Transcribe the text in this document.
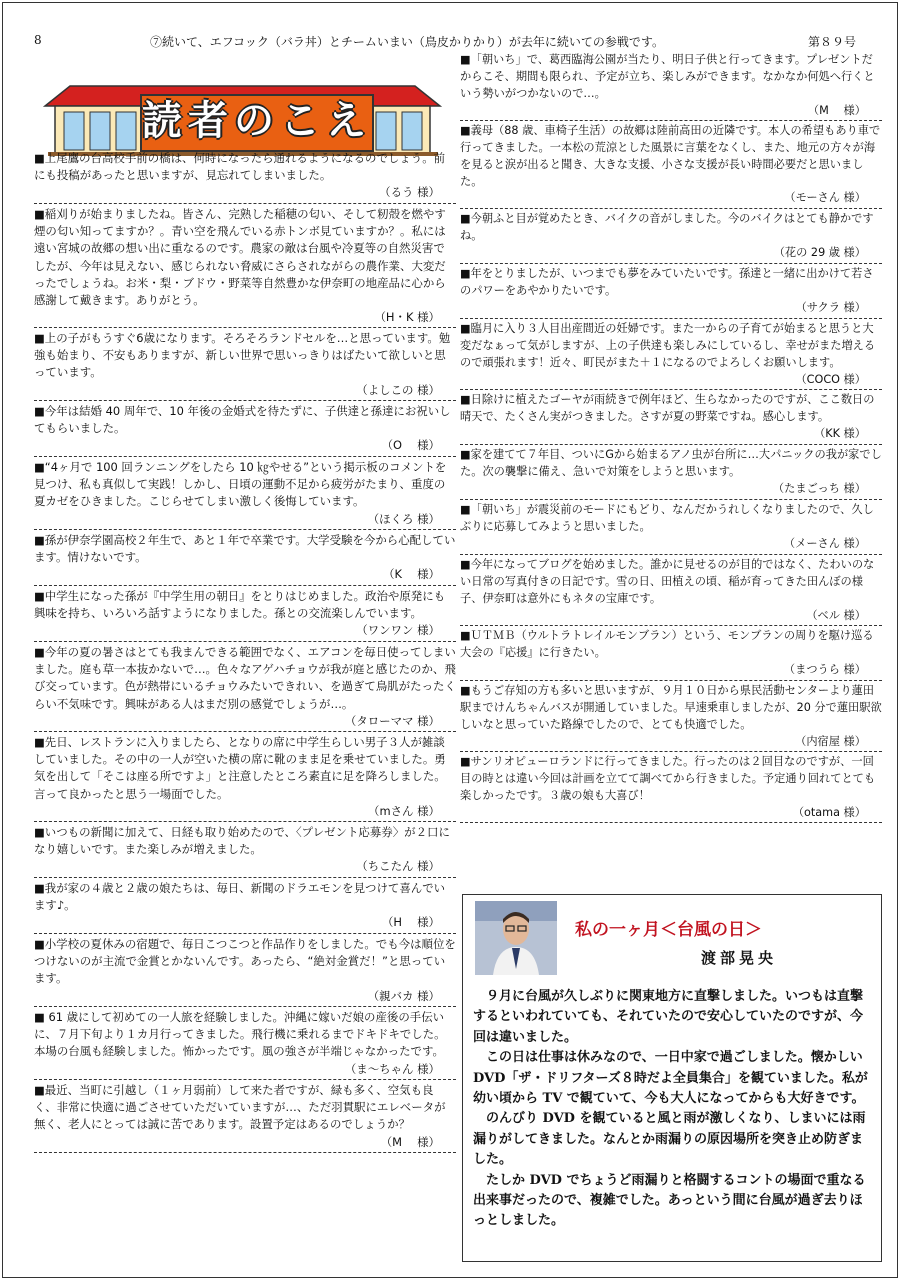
8	⑦続いて、エフコック（バラ丼）とチームいまい（鳥皮かりかり）が去年に続いての参戦です。	第８９号
読者のこえ
■上尾鷹の台高校手前の橋は、何時になったら通れるようになるのでしょう。前にも投稿があったと思いますが、見忘れてしまいました。
（るう 様）
■稲刈りが始まりましたね。皆さん、完熟した稲穂の匂い、そして籾殻を燃やす煙の匂い知ってますか？。青い空を飛んでいる赤トンボ見ていますか？。私には遠い宮城の故郷の想い出に重なるのです。農家の敵は台風や冷夏等の自然災害でしたが、今年は見えない、感じられない脅威にさらされながらの農作業、大変だったでしょうね。お米・梨・ブドウ・野菜等自然豊かな伊奈町の地産品に心から感謝して戴きます。ありがとう。
（H・K 様）
■上の子がもうすぐ6歳になります。そろそろランドセルを…と思っています。勉強も始まり、不安もありますが、新しい世界で思いっきりはばたいて欲しいと思っています。
（よしこの 様）
■今年は結婚 40 周年で、10 年後の金婚式を待たずに、子供達と孫達にお祝いしてもらいました。
（O　 様）
■“4ヶ月で 100 回ランニングをしたら 10 ㎏やせる”という掲示板のコメントを見つけ、私も真似して実践！しかし、日頃の運動不足から疲労がたまり、重度の夏カゼをひきました。こじらせてしまい激しく後悔しています。
（ほくろ 様）
■孫が伊奈学園高校２年生で、あと１年で卒業です。大学受験を今から心配しています。情けないです。
（K　 様）
■中学生になった孫が『中学生用の朝日』をとりはじめました。政治や原発にも興味を持ち、いろいろ話すようになりました。孫との交流楽しんでいます。
（ワンワン 様）
■今年の夏の暑さはとても我まんできる範囲でなく、エアコンを毎日使ってしまいました。庭も草一本抜かないで…。色々なアゲハチョウが我が庭と感じたのか、飛び交っています。色が熱帯にいるチョウみたいできれい、を過ぎて鳥肌がたったくらい不気味です。興味がある人はまだ別の感覚でしょうが…。
（タローママ 様）
■先日、レストランに入りましたら、となりの席に中学生らしい男子３人が雑談していました。その中の一人が空いた横の席に靴のまま足を乗せていました。勇気を出して「そこは座る所ですよ」と注意したところ素直に足を降ろしました。言って良かったと思う一場面でした。
（mさん 様）
■いつもの新聞に加えて、日経も取り始めたので、〈プレゼント応募券〉が２口になり嬉しいです。また楽しみが増えました。
（ちこたん 様）
■我が家の４歳と２歳の娘たちは、毎日、新聞のドラエモンを見つけて喜んでいます♪。
（H　 様）
■小学校の夏休みの宿題で、毎日こつこつと作品作りをしました。でも今は順位をつけないのが主流で金賞とかないんです。あったら、“絶対金賞だ！”と思っています。
（親バカ 様）
■ 61 歳にして初めての一人旅を経験しました。沖縄に嫁いだ娘の産後の手伝いに、７月下旬より１カ月行ってきました。飛行機に乗れるまでドキドキでした。本場の台風も経験しました。怖かったです。風の強さが半端じゃなかったです。
（ま〜ちゃん 様）
■最近、当町に引越し（１ヶ月弱前）して来た者ですが、緑も多く、空気も良く、非常に快適に過ごさせていただいていますが…、ただ羽貫駅にエレベータが無く、老人にとっては誠に苦であります。設置予定はあるのでしょうか？
（M　 様）
■「朝いち」で、葛西臨海公園が当たり、明日子供と行ってきます。プレゼントだからこそ、期間も限られ、予定が立ち、楽しみができます。なかなか何処へ行くという勢いがつかないので…。
（M　 様）
■義母（88 歳、車椅子生活）の故郷は陸前高田の近隣です。本人の希望もあり車で行ってきました。一本松の荒涼とした風景に言葉をなくし、また、地元の方々が海を見ると涙が出ると聞き、大きな支援、小さな支援が長い時間必要だと思いました。
（モーさん 様）
■今朝ふと目が覚めたとき、バイクの音がしました。今のバイクはとても静かですね。
（花の 29 歳 様）
■年をとりましたが、いつまでも夢をみていたいです。孫達と一緒に出かけて若さのパワーをあやかりたいです。
（サクラ 様）
■臨月に入り３人目出産間近の妊婦です。また一からの子育てが始まると思うと大変だなぁって気がしますが、上の子供達も楽しみにしているし、幸せがまた増えるので頑張れます！近々、町民がまた＋１になるのでよろしくお願いします。
（COCO 様）
■日除けに植えたゴーヤが雨続きで例年ほど、生らなかったのですが、ここ数日の晴天で、たくさん実がつきました。さすが夏の野菜ですね。感心します。
（KK 様）
■家を建てて７年目、ついにGから始まるアノ虫が台所に…大パニックの我が家でした。次の襲撃に備え、急いで対策をしようと思います。
（たまごっち 様）
■「朝いち」が震災前のモードにもどり、なんだかうれしくなりましたので、久しぶりに応募してみようと思いました。
（メーさん 様）
■今年になってブログを始めました。誰かに見せるのが目的ではなく、たわいのない日常の写真付きの日記です。雪の日、田植えの頃、稲が育ってきた田んぼの様子、伊奈町は意外にもネタの宝庫です。
（ベル 様）
■ＵＴＭＢ（ウルトラトレイルモンブラン）という、モンブランの周りを駆け巡る大会の『応援』に行きたい。
（まつうら 様）
■もうご存知の方も多いと思いますが、９月１０日から県民活動センターより蓮田駅までけんちゃんバスが開通していました。早速乗車しましたが、20 分で蓮田駅欲しいなと思っていた路線でしたので、とても快適でした。
（内宿屋 様）
■サンリオピューロランドに行ってきました。行ったのは２回目なのですが、一回目の時とは違い今回は計画を立てて調べてから行きました。予定通り回れてとても楽しかったです。３歳の娘も大喜び！
（otama 様）
私の一ヶ月＜台風の日＞
渡部晃央

　９月に台風が久しぶりに関東地方に直撃しました。いつもは直撃するといわれていても、それていたので安心していたのですが、今回は違いました。

　この日は仕事は休みなので、一日中家で過ごしました。懐かしい DVD「ザ・ドリフターズ８時だよ全員集合」を観ていました。私が幼い頃から TV で観ていて、今も大人になってからも大好きです。

　のんびり DVD を観ていると風と雨が激しくなり、しまいには雨漏りがしてきました。なんとか雨漏りの原因場所を突き止め防ぎました。

　たしか DVD でちょうど雨漏りと格闘するコントの場面で重なる出来事だったので、複雑でした。あっという間に台風が過ぎ去りほっとしました。
